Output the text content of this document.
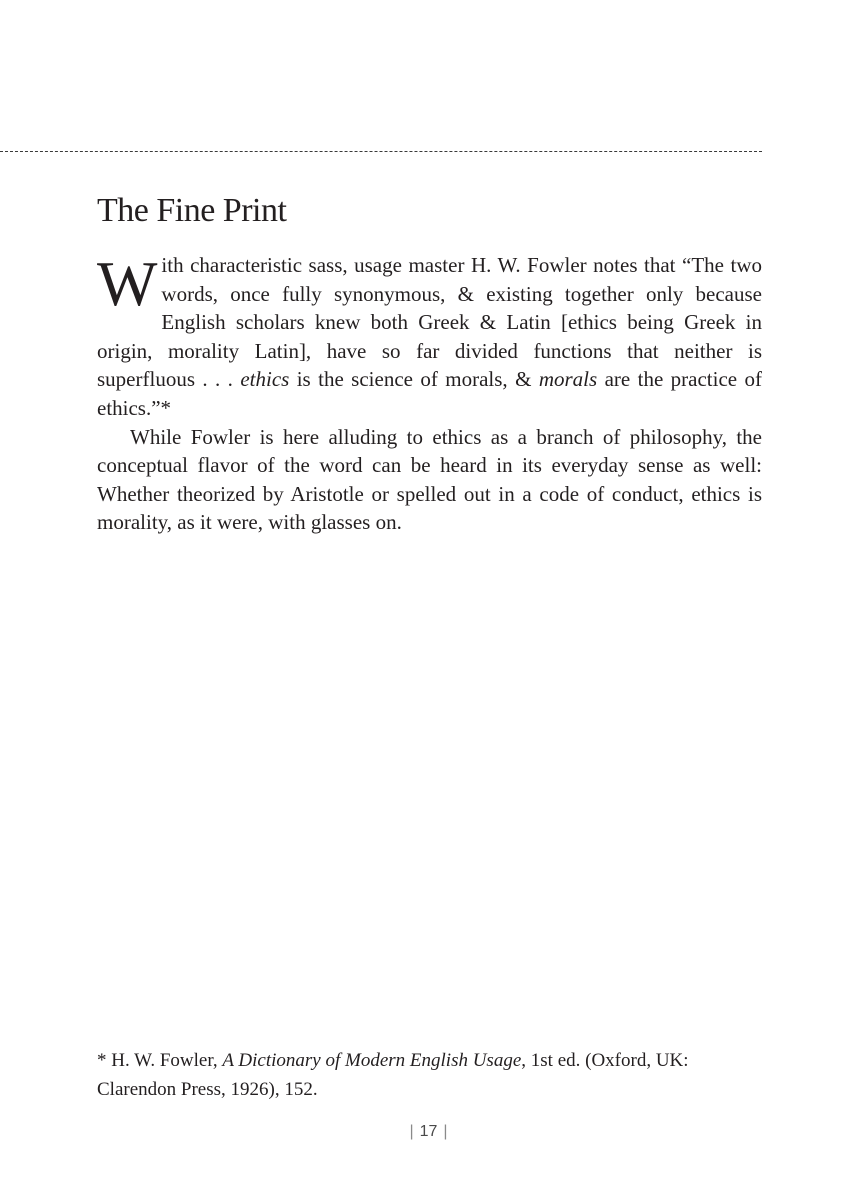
The Fine Print

With characteristic sass, usage master H. W. Fowler notes that “The two words, once fully synonymous, & existing together only because English scholars knew both Greek & Latin [ethics being Greek in origin, morality Latin], have so far divided functions that neither is superfluous . . . ethics is the science of morals, & morals are the practice of ethics.”*

While Fowler is here alluding to ethics as a branch of philosophy, the conceptual flavor of the word can be heard in its everyday sense as well: Whether theorized by Aristotle or spelled out in a code of conduct, ethics is morality, as it were, with glasses on.

* H. W. Fowler, A Dictionary of Modern English Usage, 1st ed. (Oxford, UK: Clarendon Press, 1926), 152.
| 17 |
